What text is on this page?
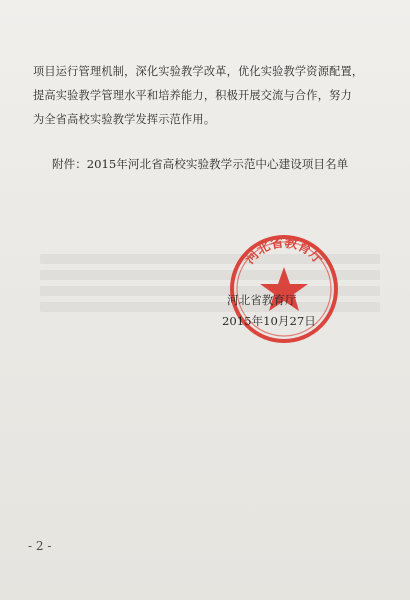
项目运行管理机制，深化实验教学改革，优化实验教学资源配置，
提高实验教学管理水平和培养能力，积极开展交流与合作，努力
为全省高校实验教学发挥示范作用。
附件：2015年河北省高校实验教学示范中心建设项目名单
河北省教育厅
河北省教育厅
2015年10月27日
- 2 -
